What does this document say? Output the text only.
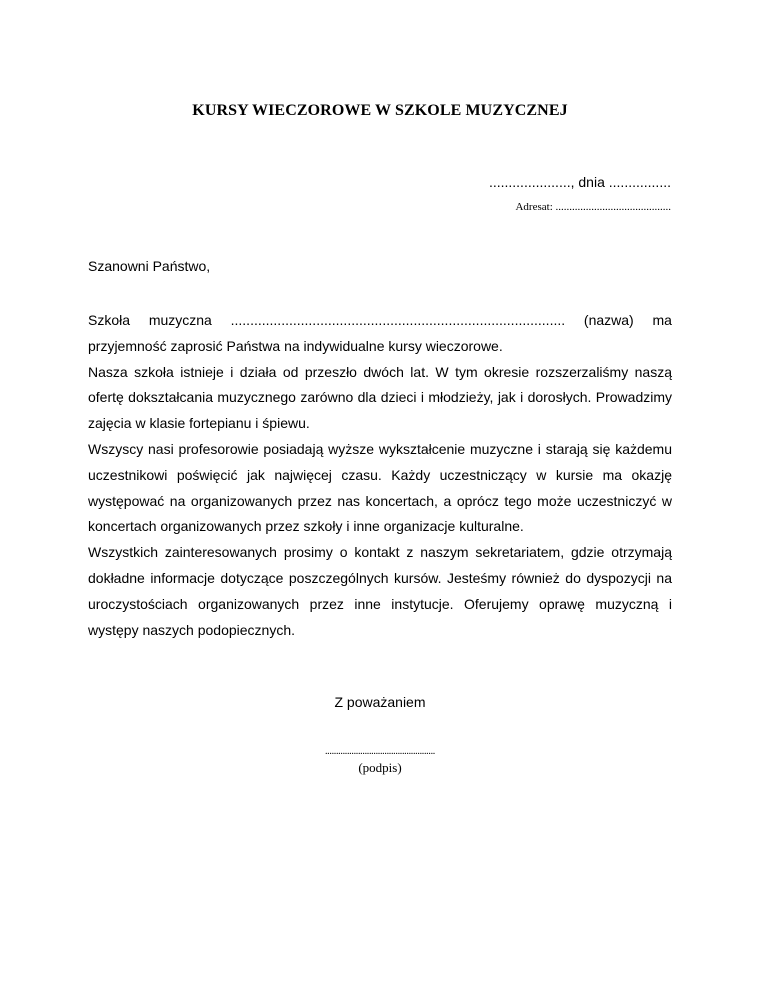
KURSY WIECZOROWE W SZKOLE MUZYCZNEJ
....................., dnia ................
Adresat: ..........................................
Szanowni Państwo,
Szkoła muzyczna ...................................................................................... (nazwa) ma

przyjemność zaprosić Państwa na indywidualne kursy wieczorowe.

Nasza szkoła istnieje i działa od przeszło dwóch lat. W tym okresie rozszerzaliśmy naszą ofertę dokształcania muzycznego zarówno dla dzieci i młodzieży, jak i dorosłych. Prowadzimy zajęcia w klasie fortepianu i śpiewu.

Wszyscy nasi profesorowie posiadają wyższe wykształcenie muzyczne i starają się każdemu uczestnikowi poświęcić jak najwięcej czasu. Każdy uczestniczący w kursie ma okazję występować na organizowanych przez nas koncertach, a oprócz tego może uczestniczyć w koncertach organizowanych przez szkoły i inne organizacje kulturalne.

Wszystkich zainteresowanych prosimy o kontakt z naszym sekretariatem, gdzie otrzymają dokładne informacje dotyczące poszczególnych kursów. Jesteśmy również do dyspozycji na uroczystościach organizowanych przez inne instytucje. Oferujemy oprawę muzyczną i występy naszych podopiecznych.

Z poważaniem
..................................................
(podpis)
